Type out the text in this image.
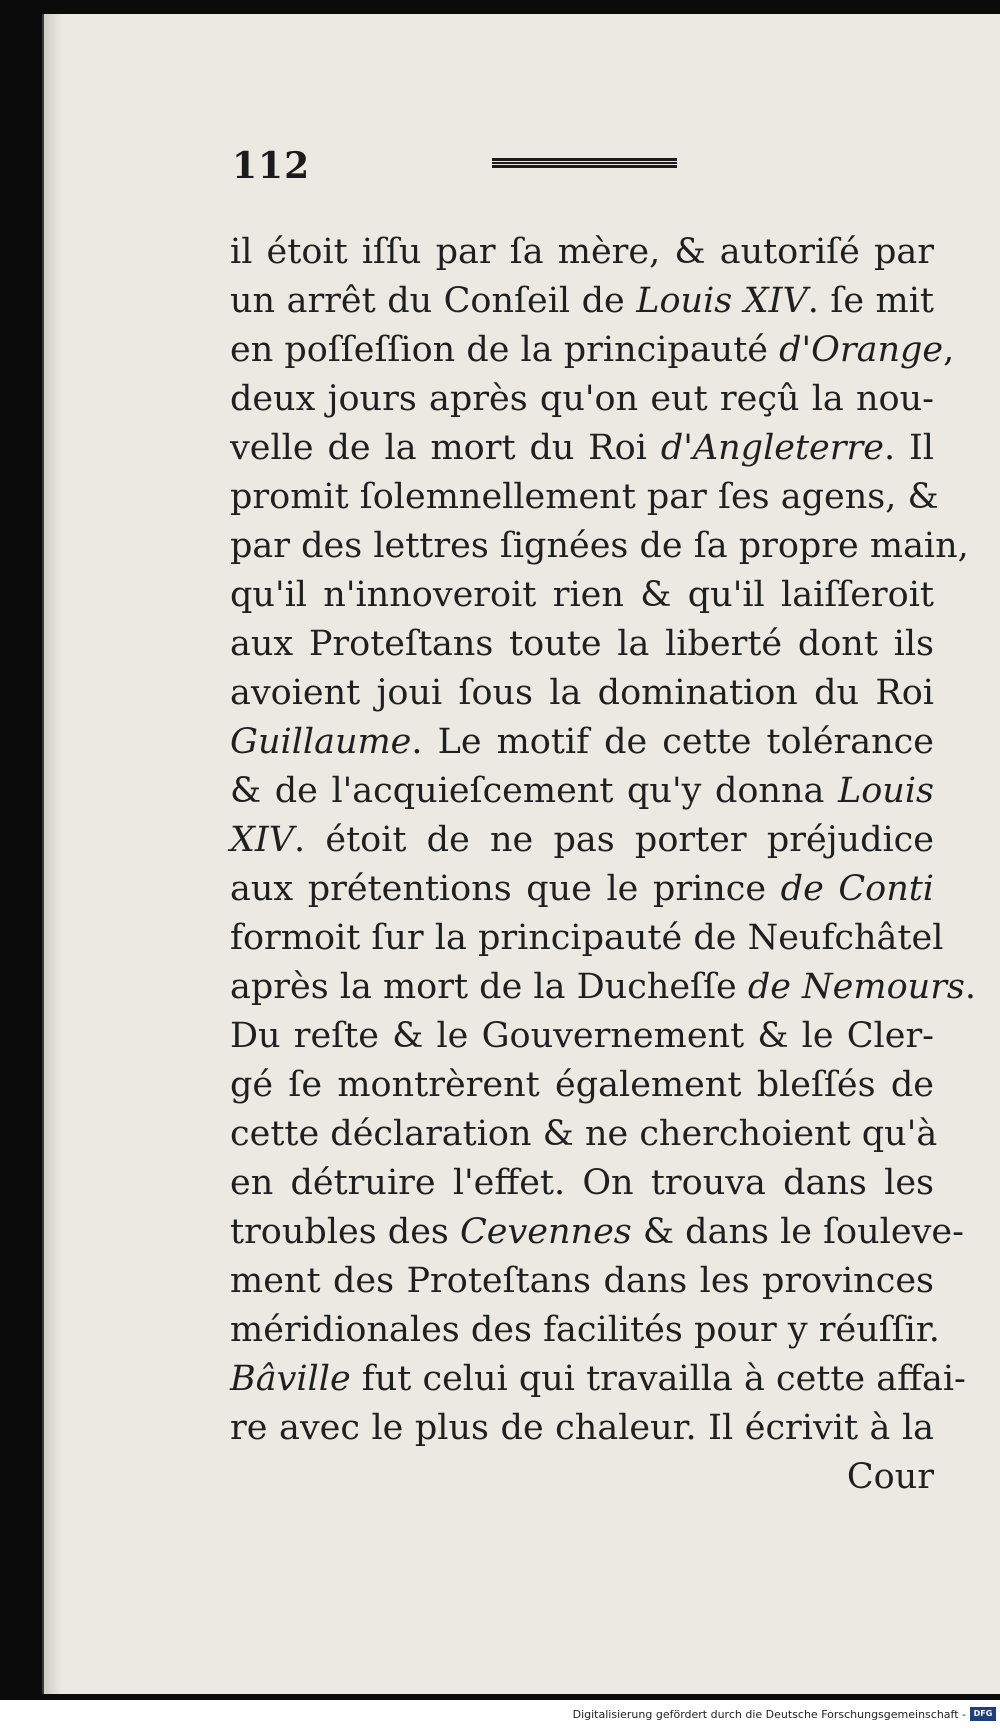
112
il étoit iſſu par ſa mère, & autoriſé par
un arrêt du Conſeil de Louis XIV. ſe mit
en poſſeſſion de la principauté d'Orange,
deux jours après qu'on eut reçû la nou-
velle de la mort du Roi d'Angleterre. Il
promit ſolemnellement par ſes agens, &
par des lettres ſignées de ſa propre main,
qu'il n'innoveroit rien & qu'il laiſſeroit
aux Proteſtans toute la liberté dont ils
avoient joui ſous la domination du Roi
Guillaume. Le motif de cette tolérance
& de l'acquieſcement qu'y donna Louis
XIV. étoit de ne pas porter préjudice
aux prétentions que le prince de Conti
formoit ſur la principauté de Neufchâtel
après la mort de la Ducheſſe de Nemours.
Du reſte & le Gouvernement & le Cler-
gé ſe montrèrent également bleſſés de
cette déclaration & ne cherchoient qu'à
en détruire l'effet. On trouva dans les
troubles des Cevennes & dans le ſouleve-
ment des Proteſtans dans les provinces
méridionales des facilités pour y réuſſir.
Bâville fut celui qui travailla à cette affai-
re avec le plus de chaleur. Il écrivit à la
Cour
Digitalisierung gefördert durch die Deutsche Forschungsgemeinschaft - DFG
